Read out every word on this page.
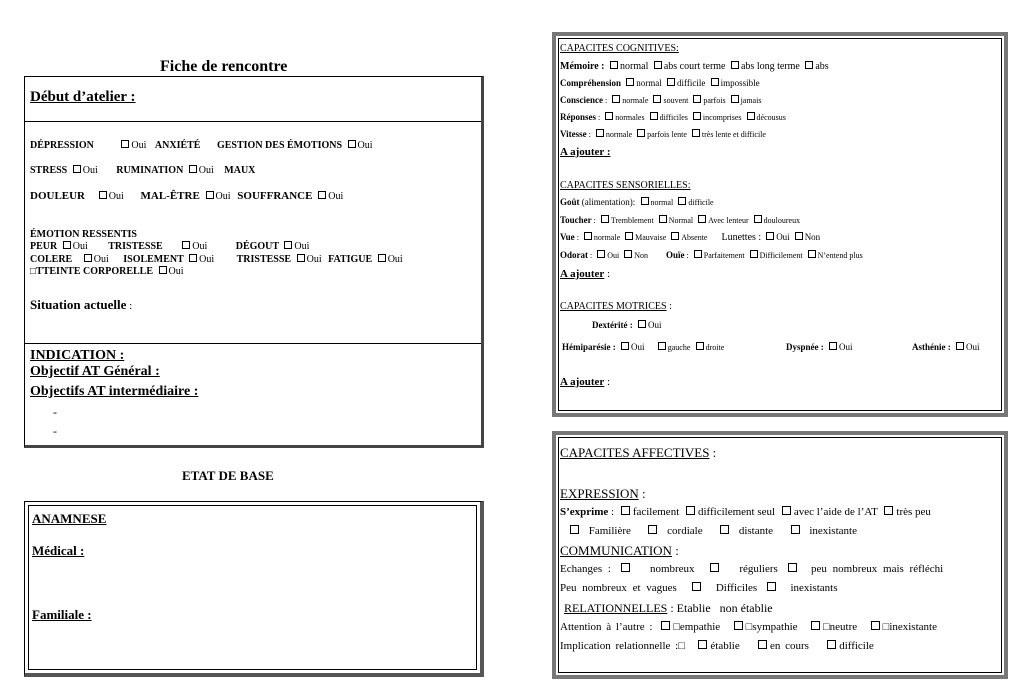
Fiche de rencontre
Début d’atelier :
DÉPRESSION	Oui ANXIÉTÉ GESTION DES ÉMOTIONS Oui
STRESS Oui RUMINATION Oui MAUX
DOULEUR Oui MAL-ÊTRE Oui SOUFFRANCE Oui
ÉMOTION RESSENTIS
PEUR Oui TRISTESSE	Oui	DÉGOUT Oui
COLERE Oui ISOLEMENT Oui TRISTESSE Oui FATIGUE Oui
□TTEINTE CORPORELLE Oui
Situation actuelle :
INDICATION :
Objectif AT Général :
Objectifs AT intermédiaire :
-
-
ETAT DE BASE
ANAMNESE
Médical :
Familiale :
CAPACITES COGNITIVES:
Mémoire : normal abs court terme abs long terme abs
Compréhension normal difficile impossible
Conscience : normale souvent parfois jamais
Réponses : normales difficiles incomprises décousus
Vitesse : normale parfois lente très lente et difficile
A ajouter :
CAPACITES SENSORIELLES:
Goût (alimentation): normal difficile
Toucher : Tremblement Normal Avec lenteur douloureux
Vue : normale Mauvaise Absente Lunettes : Oui Non
Odorat : Oui Non Ouïe : Parfaitement Difficilement N’entend plus
A ajouter :
CAPACITES MOTRICES :
Dextérité : Oui
Hémiparésie : Oui	gauche droite	Dyspnée : Oui	Asthénie : Oui
A ajouter :
CAPACITES AFFECTIVES :
EXPRESSION :
S’exprime : facilement difficilement seul avec l’aide de l’AT très peu
Familière	cordiale	distante	inexistante
COMMUNICATION :
Echanges :	nombreux	réguliers	peu nombreux mais réfléchi
Peu nombreux et vagues	Difficiles	inexistants
RELATIONNELLES : Etablie   non établie
Attention à l’autre : □empathie □sympathie □neutre □inexistante
Implication relationnelle :□ établie	en cours	difficile
